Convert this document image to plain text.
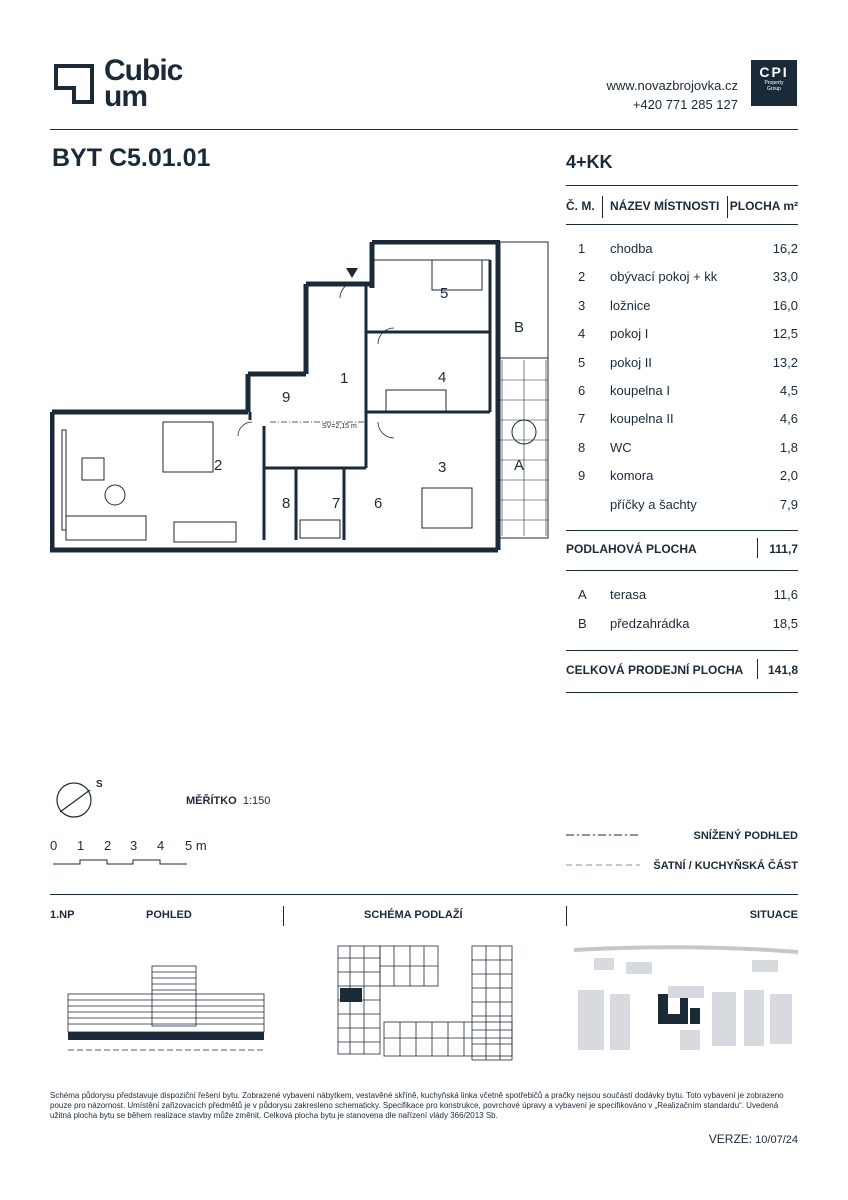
Cubic
um	www.novazbrojovka.cz
+420 771 285 127
CPI
Property
Group
BYT C5.01.01	4+KK
Č. M. NÁZEV MÍSTNOSTI PLOCHA m²
1 chodba	16,2
2 obývací pokoj + kk	33,0
3 ložnice	16,0
4 pokoj I	12,5
5 pokoj II	13,2
6 koupelna I	4,5
7 koupelna II	4,6
8 WC	1,8
9 komora	2,0
příčky a šachty	7,9
PODLAHOVÁ PLOCHA	111,7
A terasa	11,6
B předzahrádka	18,5
CELKOVÁ PRODEJNÍ PLOCHA 141,8
1
2	3
4
5
6
7
8
9
A
B
SV=2,15 m
S
MĚŘÍTKO 1:150
0 1 2 3 4 5 m
SNÍŽENÝ PODHLED
ŠATNÍ / KUCHYŇSKÁ ČÁST
1.NP	POHLED	SCHÉMA PODLAŽÍ	SITUACE
Schéma půdorysu představuje dispoziční řešení bytu. Zobrazené vybavení nábytkem, vestavěné skříně, kuchyňská linka včetně spotřebičů a pračky nejsou součástí dodávky bytu. Toto vybavení je zobrazeno pouze pro názornost. Umístění zařizovacích předmětů je v půdorysu zakresleno schematicky. Specifikace pro konstrukce, povrchové úpravy a vybavení je specifikováno v „Realizačním standardu“. Uvedená užitná plocha bytu se během realizace stavby může změnit. Celková plocha bytu je stanovena dle nařízení vlády 366/2013 Sb.
VERZE: 10/07/24
